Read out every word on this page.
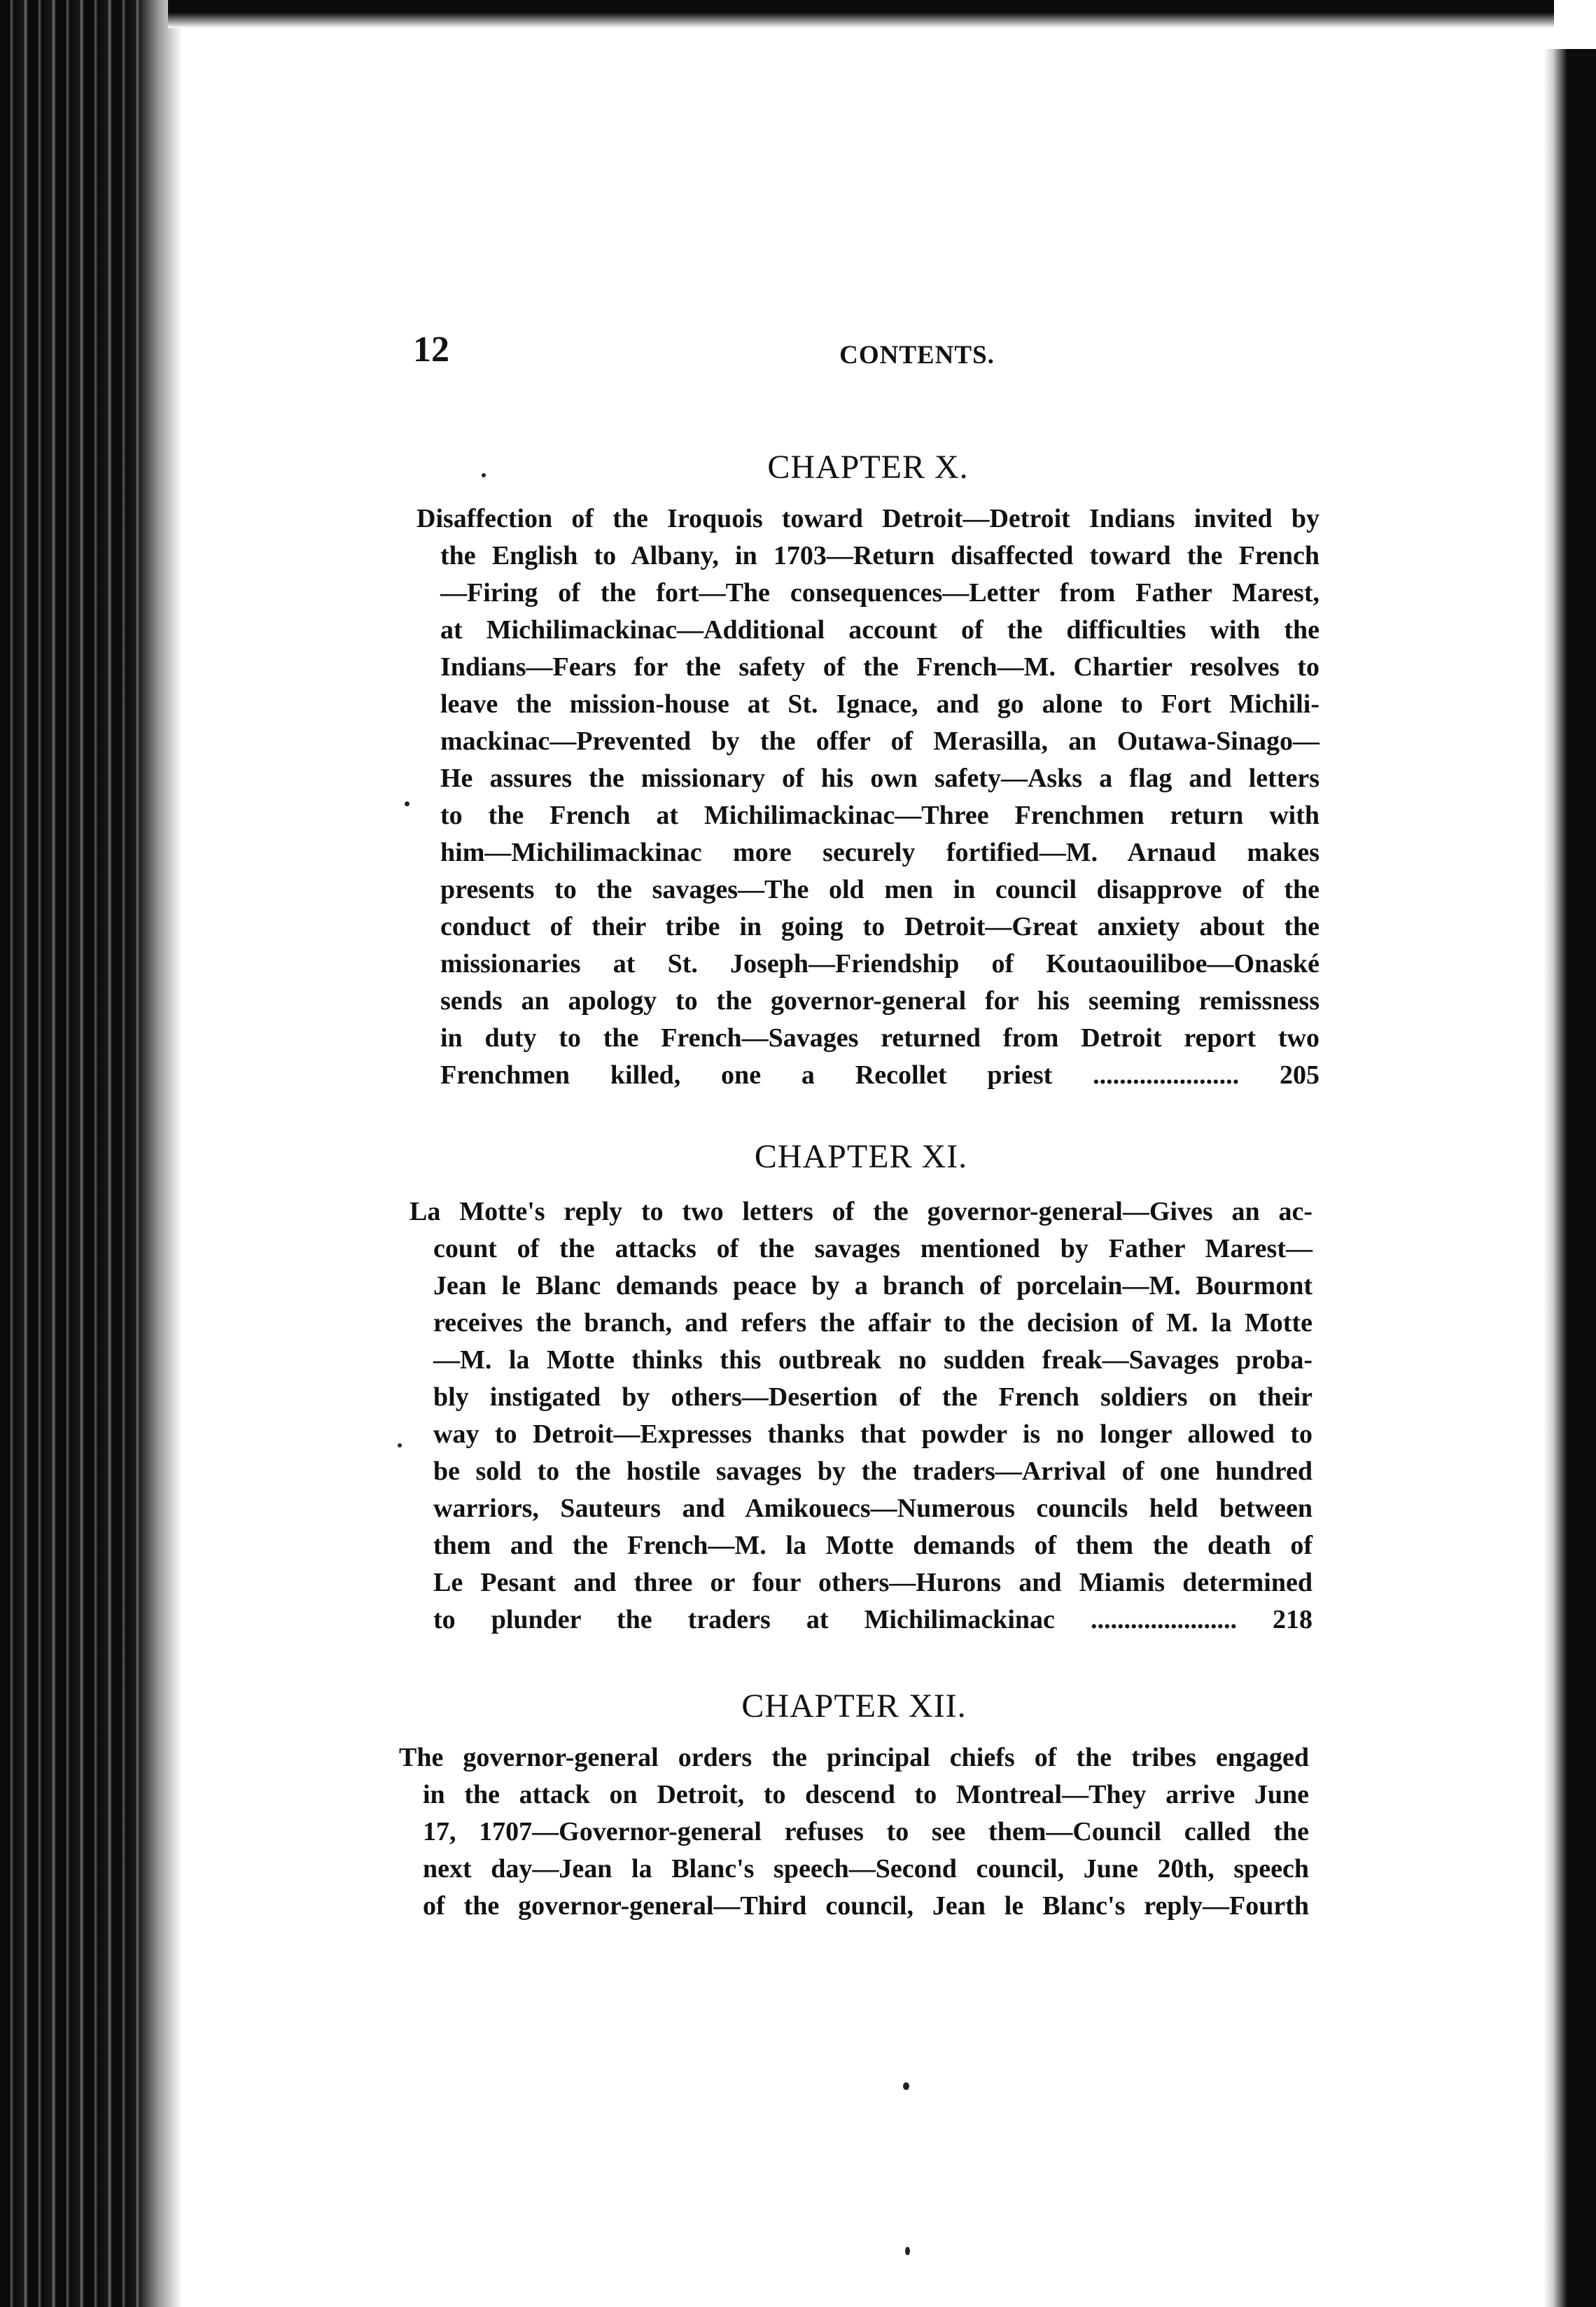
12	CONTENTS.
CHAPTER X.
Disaffection of the Iroquois toward Detroit—Detroit Indians invited by
the English to Albany, in 1703—Return disaffected toward the French
—Firing of the fort—The consequences—Letter from Father Marest,
at Michilimackinac—Additional account of the difficulties with the
Indians—Fears for the safety of the French—M. Chartier resolves to
leave the mission-house at St. Ignace, and go alone to Fort Michili-
mackinac—Prevented by the offer of Merasilla, an Outawa-Sinago—
He assures the missionary of his own safety—Asks a flag and letters
to the French at Michilimackinac—Three Frenchmen return with
him—Michilimackinac more securely fortified—M. Arnaud makes
presents to the savages—The old men in council disapprove of the
conduct of their tribe in going to Detroit—Great anxiety about the
missionaries at St. Joseph—Friendship of Koutaouiliboe—Onaské
sends an apology to the governor-general for his seeming remissness
in duty to the French—Savages returned from Detroit report two
Frenchmen killed, one a Recollet priest ...................... 205
CHAPTER XI.
La Motte's reply to two letters of the governor-general—Gives an ac-
count of the attacks of the savages mentioned by Father Marest—
Jean le Blanc demands peace by a branch of porcelain—M. Bourmont
receives the branch, and refers the affair to the decision of M. la Motte
—M. la Motte thinks this outbreak no sudden freak—Savages proba-
bly instigated by others—Desertion of the French soldiers on their
way to Detroit—Expresses thanks that powder is no longer allowed to
be sold to the hostile savages by the traders—Arrival of one hundred
warriors, Sauteurs and Amikouecs—Numerous councils held between
them and the French—M. la Motte demands of them the death of
Le Pesant and three or four others—Hurons and Miamis determined
to plunder the traders at Michilimackinac ...................... 218
CHAPTER XII.
The governor-general orders the principal chiefs of the tribes engaged
in the attack on Detroit, to descend to Montreal—They arrive June
17, 1707—Governor-general refuses to see them—Council called the
next day—Jean la Blanc's speech—Second council, June 20th, speech
of the governor-general—Third council, Jean le Blanc's reply—Fourth
